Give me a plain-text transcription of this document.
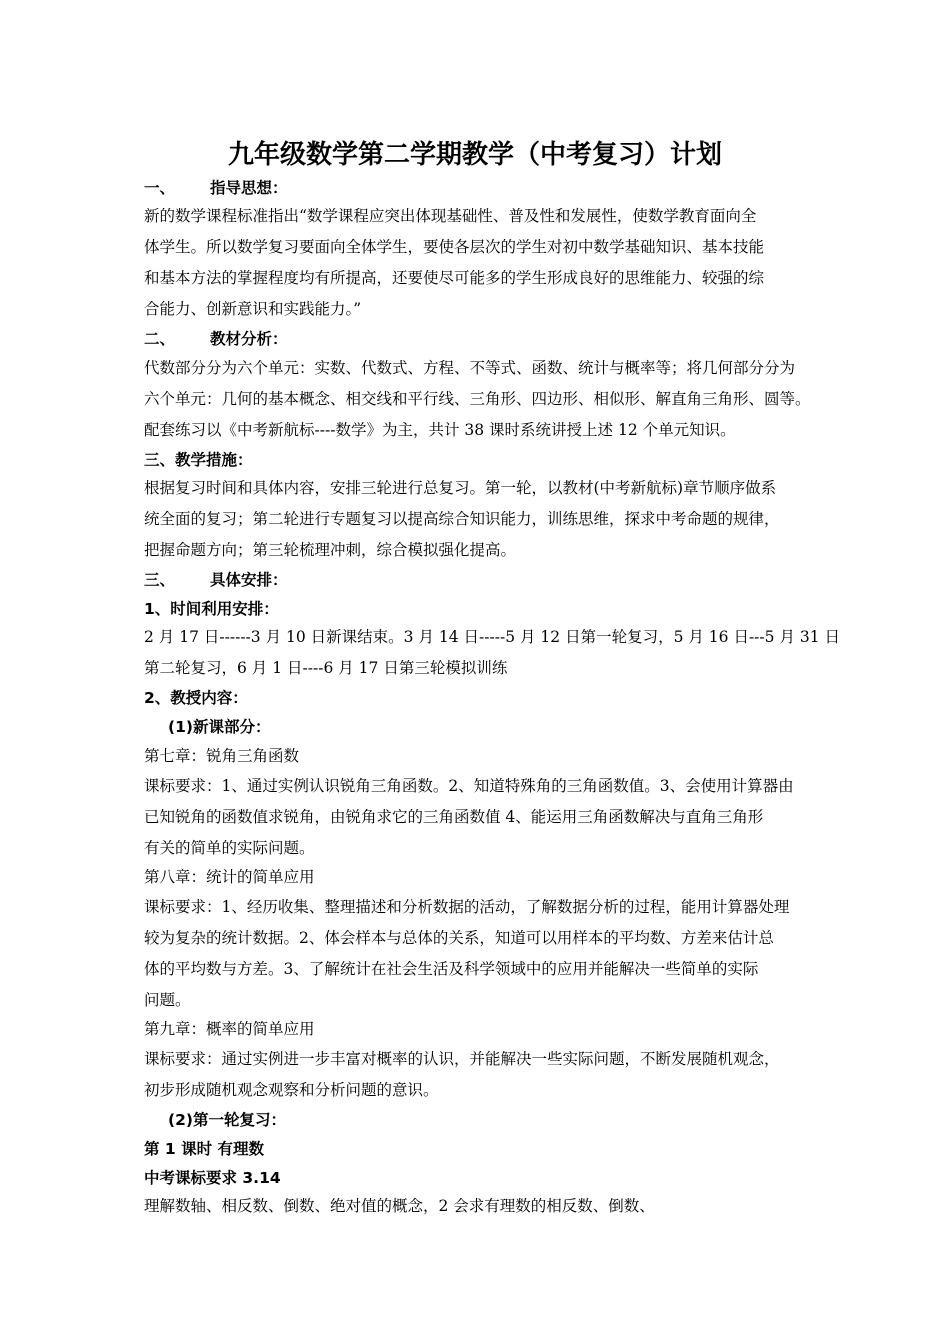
九年级数学第二学期教学（中考复习）计划
一、 指导思想：
新的数学课程标准指出“数学课程应突出体现基础性、普及性和发展性，使数学教育面向全
体学生。所以数学复习要面向全体学生，要使各层次的学生对初中数学基础知识、基本技能
和基本方法的掌握程度均有所提高，还要使尽可能多的学生形成良好的思维能力、较强的综
合能力、创新意识和实践能力。”
二、 教材分析：
代数部分分为六个单元：实数、代数式、方程、不等式、函数、统计与概率等；将几何部分分为
六个单元：几何的基本概念、相交线和平行线、三角形、四边形、相似形、解直角三角形、圆等。
配套练习以《中考新航标----数学》为主，共计 38 课时系统讲授上述 12 个单元知识。
三、教学措施：
根据复习时间和具体内容，安排三轮进行总复习。第一轮，以教材(中考新航标)章节顺序做系
统全面的复习；第二轮进行专题复习以提高综合知识能力，训练思维，探求中考命题的规律，
把握命题方向；第三轮梳理冲刺，综合模拟强化提高。
三、 具体安排：
1、时间利用安排：
2 月 17 日------3 月 10 日新课结束。3 月 14 日-----5 月 12 日第一轮复习，5 月 16 日---5 月 31 日
第二轮复习，6 月 1 日----6 月 17 日第三轮模拟训练
2、教授内容：
(1)新课部分：
第七章：锐角三角函数
课标要求：1、通过实例认识锐角三角函数。2、知道特殊角的三角函数值。3、会使用计算器由
已知锐角的函数值求锐角，由锐角求它的三角函数值 4、能运用三角函数解决与直角三角形
有关的简单的实际问题。
第八章：统计的简单应用
课标要求：1、经历收集、整理描述和分析数据的活动，了解数据分析的过程，能用计算器处理
较为复杂的统计数据。2、体会样本与总体的关系，知道可以用样本的平均数、方差来估计总
体的平均数与方差。3、了解统计在社会生活及科学领域中的应用并能解决一些简单的实际
问题。
第九章：概率的简单应用
课标要求：通过实例进一步丰富对概率的认识，并能解决一些实际问题，不断发展随机观念，
初步形成随机观念观察和分析问题的意识。
(2)第一轮复习：
第 1 课时 有理数
中考课标要求 3.14
理解数轴、相反数、倒数、绝对值的概念，2 会求有理数的相反数、倒数、
